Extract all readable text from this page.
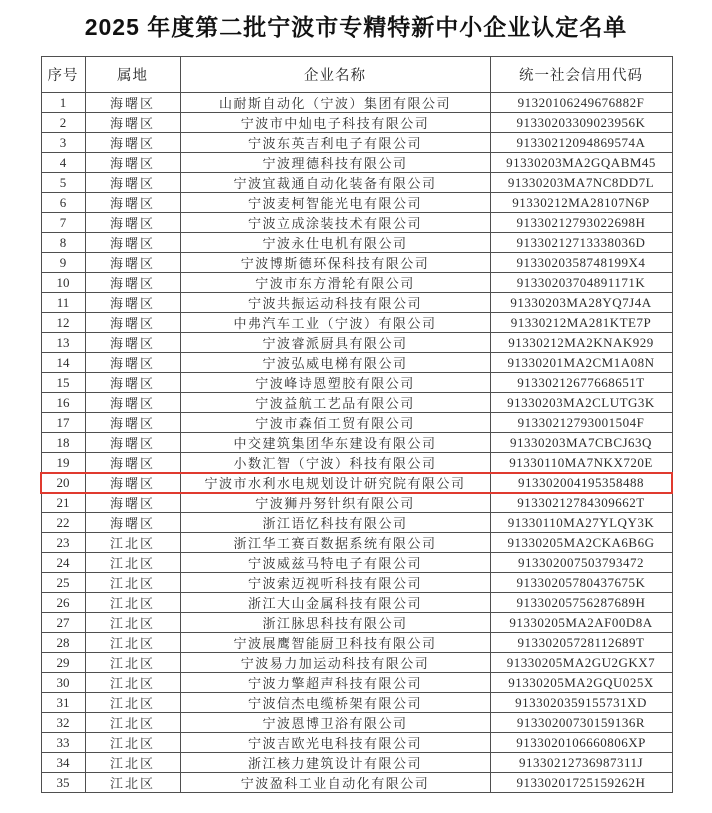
2025 年度第二批宁波市专精特新中小企业认定名单
序号	属地	企业名称	统一社会信用代码
1	海曙区	山耐斯自动化（宁波）集团有限公司	91320106249676882F
2	海曙区	宁波市中灿电子科技有限公司	91330203309023956K
3	海曙区	宁波东英吉利电子有限公司	91330212094869574A
4	海曙区	宁波理德科技有限公司	91330203MA2GQABM45
5	海曙区	宁波宜裁通自动化装备有限公司	91330203MA7NC8DD7L
6	海曙区	宁波麦柯智能光电有限公司	91330212MA28107N6P
7	海曙区	宁波立成涂装技术有限公司	91330212793022698H
8	海曙区	宁波永仕电机有限公司	91330212713338036D
9	海曙区	宁波博斯德环保科技有限公司	9133020358748199X4
10	海曙区	宁波市东方滑轮有限公司	91330203704891171K
11	海曙区	宁波共振运动科技有限公司	91330203MA28YQ7J4A
12	海曙区	中弗汽车工业（宁波）有限公司	91330212MA281KTE7P
13	海曙区	宁波睿派厨具有限公司	91330212MA2KNAK929
14	海曙区	宁波弘威电梯有限公司	91330201MA2CM1A08N
15	海曙区	宁波峰诗恩塑胶有限公司	91330212677668651T
16	海曙区	宁波益航工艺品有限公司	91330203MA2CLUTG3K
17	海曙区	宁波市森佰工贸有限公司	91330212793001504F
18	海曙区	中交建筑集团华东建设有限公司	91330203MA7CBCJ63Q
19	海曙区	小数汇智（宁波）科技有限公司	91330110MA7NKX720E
20	海曙区	宁波市水利水电规划设计研究院有限公司	913302004195358488
21	海曙区	宁波狮丹努针织有限公司	91330212784309662T
22	海曙区	浙江语忆科技有限公司	91330110MA27YLQY3K
23	江北区	浙江华工赛百数据系统有限公司	91330205MA2CKA6B6G
24	江北区	宁波威兹马特电子有限公司	913302007503793472
25	江北区	宁波索迈视听科技有限公司	91330205780437675K
26	江北区	浙江大山金属科技有限公司	91330205756287689H
27	江北区	浙江脉思科技有限公司	91330205MA2AF00D8A
28	江北区	宁波展鹰智能厨卫科技有限公司	91330205728112689T
29	江北区	宁波易力加运动科技有限公司	91330205MA2GU2GKX7
30	江北区	宁波力擎超声科技有限公司	91330205MA2GQU025X
31	江北区	宁波信杰电缆桥架有限公司	9133020359155731XD
32	江北区	宁波恩博卫浴有限公司	91330200730159136R
33	江北区	宁波吉欧光电科技有限公司	9133020106660806XP
34	江北区	浙江核力建筑设计有限公司	91330212736987311J
35	江北区	宁波盈科工业自动化有限公司	91330201725159262H
